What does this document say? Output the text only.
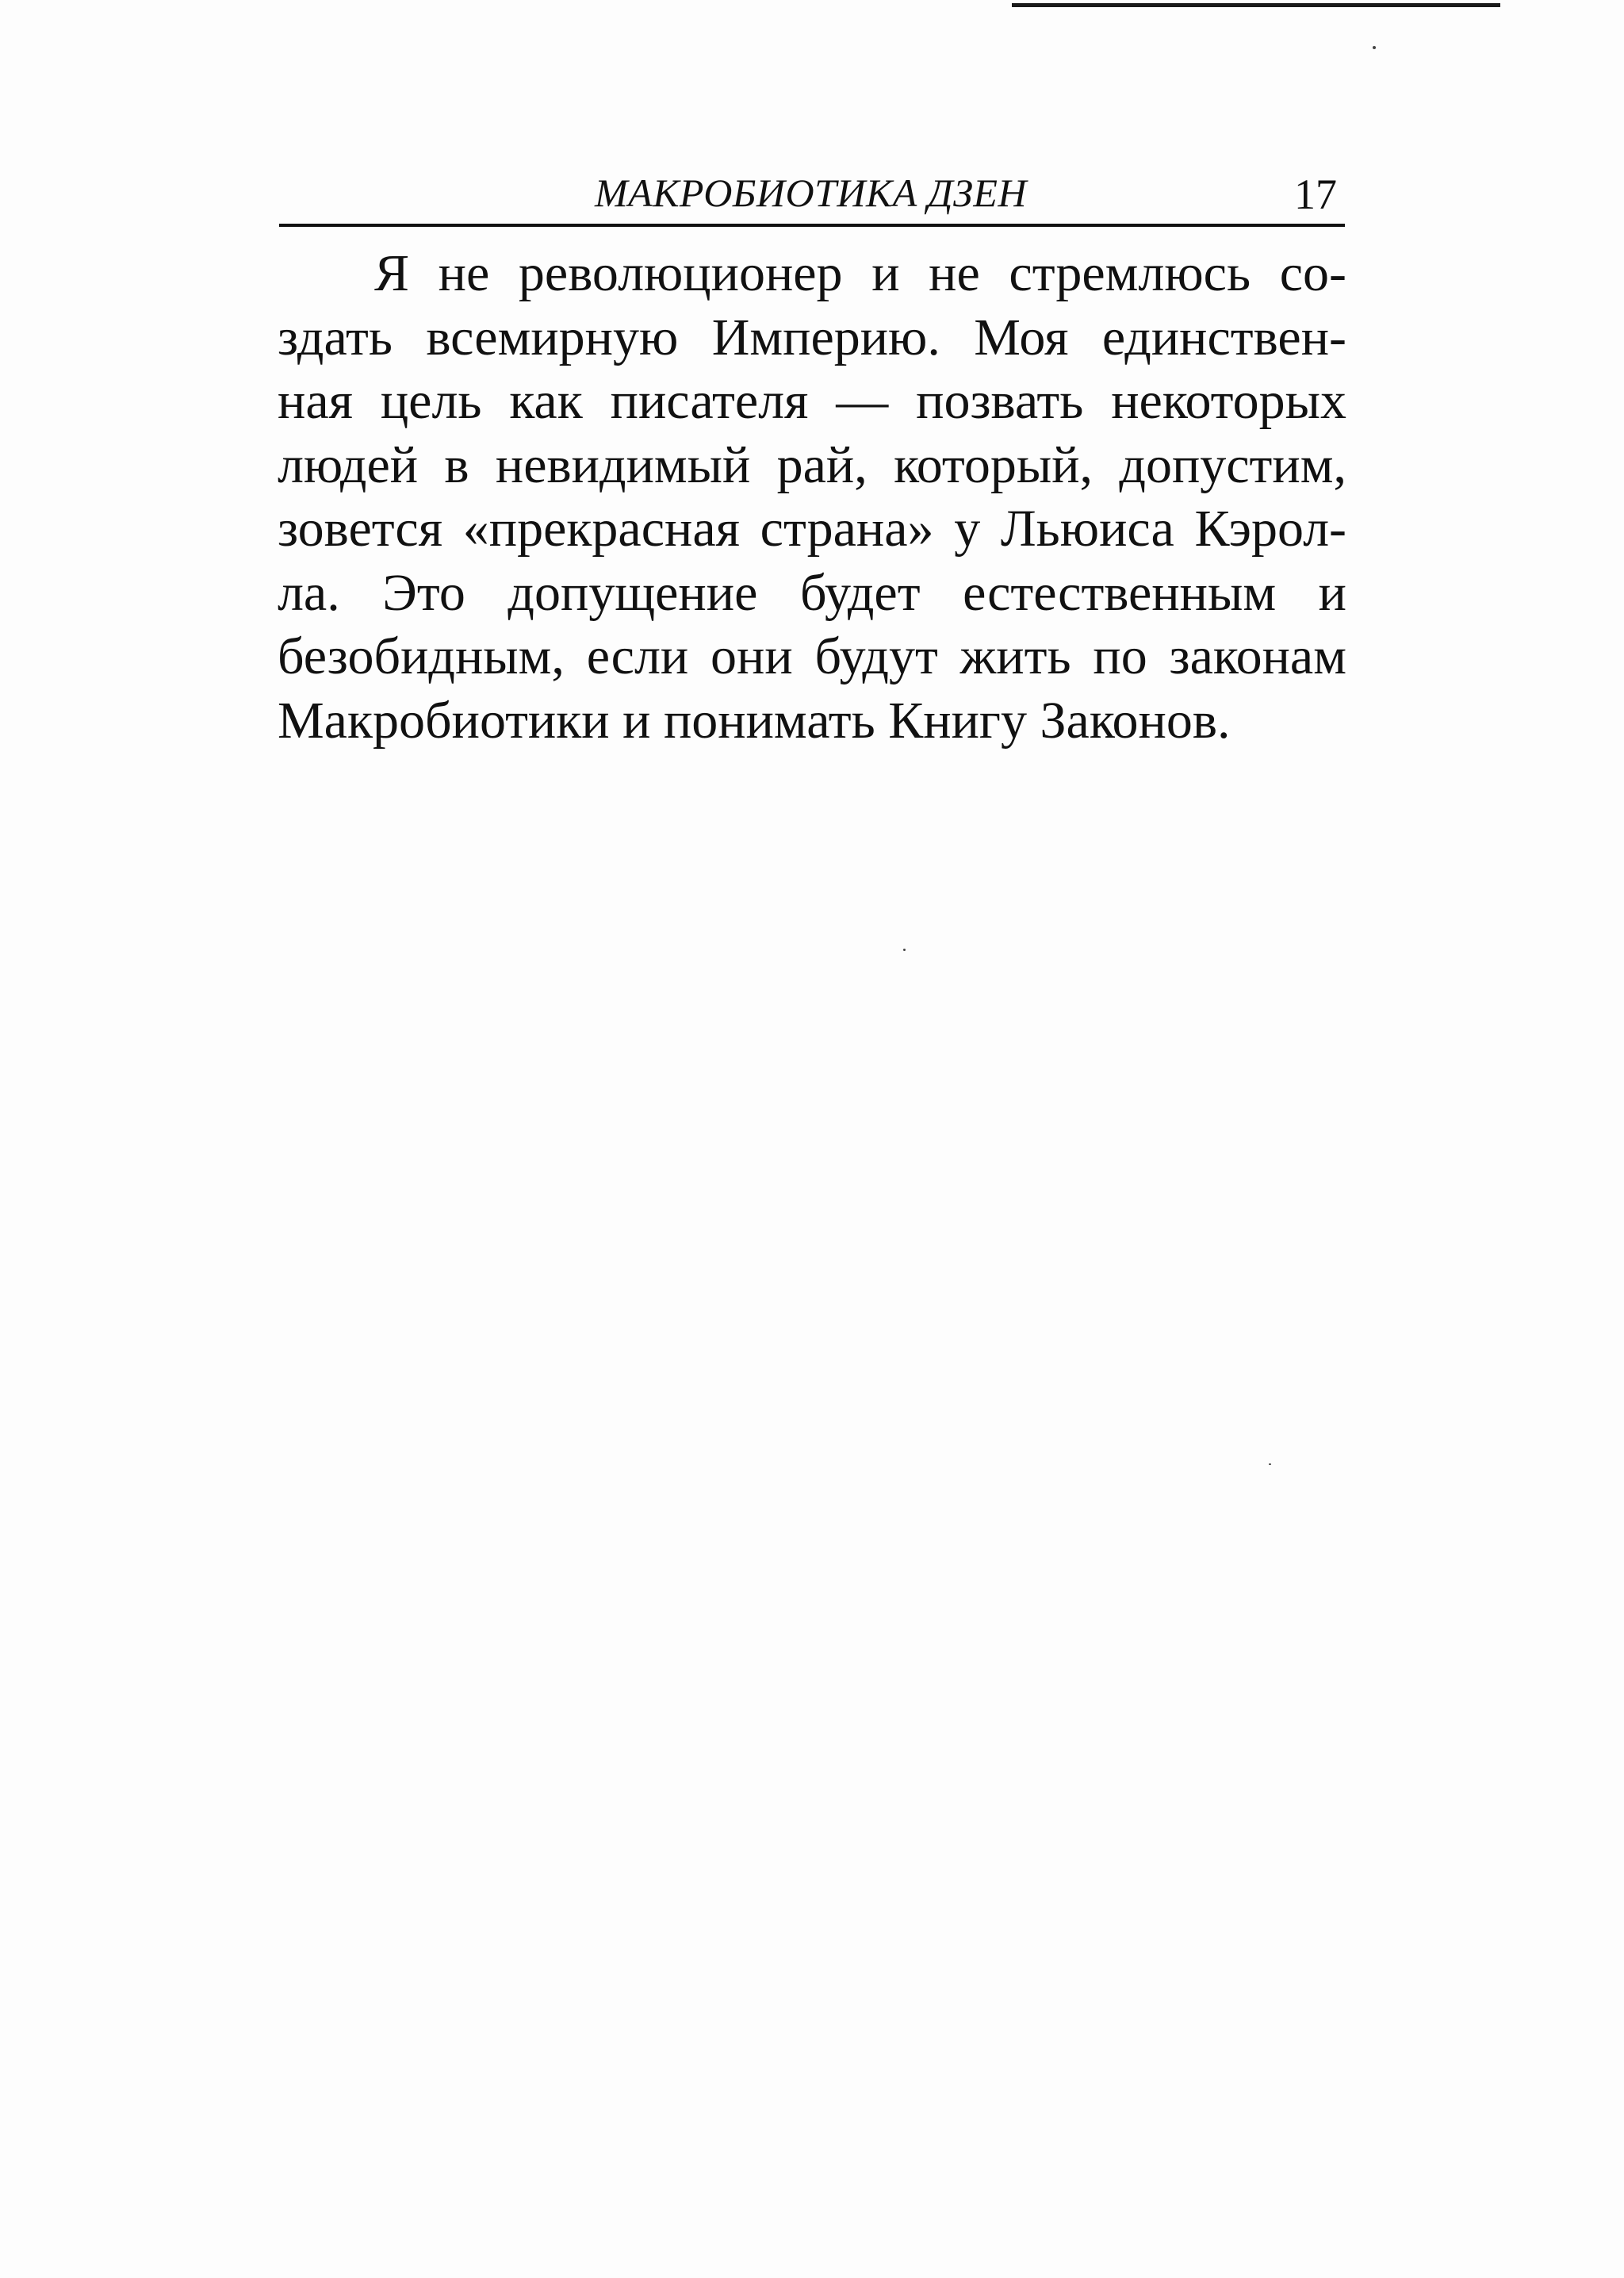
МАКРОБИОТИКА ДЗЕН	17

Я не революционер и не стремлюсь со-
здать всемирную Империю. Моя единствен-
ная цель как писателя — позвать некоторых
людей в невидимый рай, который, допустим,
зовется «прекрасная страна» у Льюиса Кэрол-
ла. Это допущение будет естественным и
безобидным, если они будут жить по законам
Макробиотики и понимать Книгу Законов.
